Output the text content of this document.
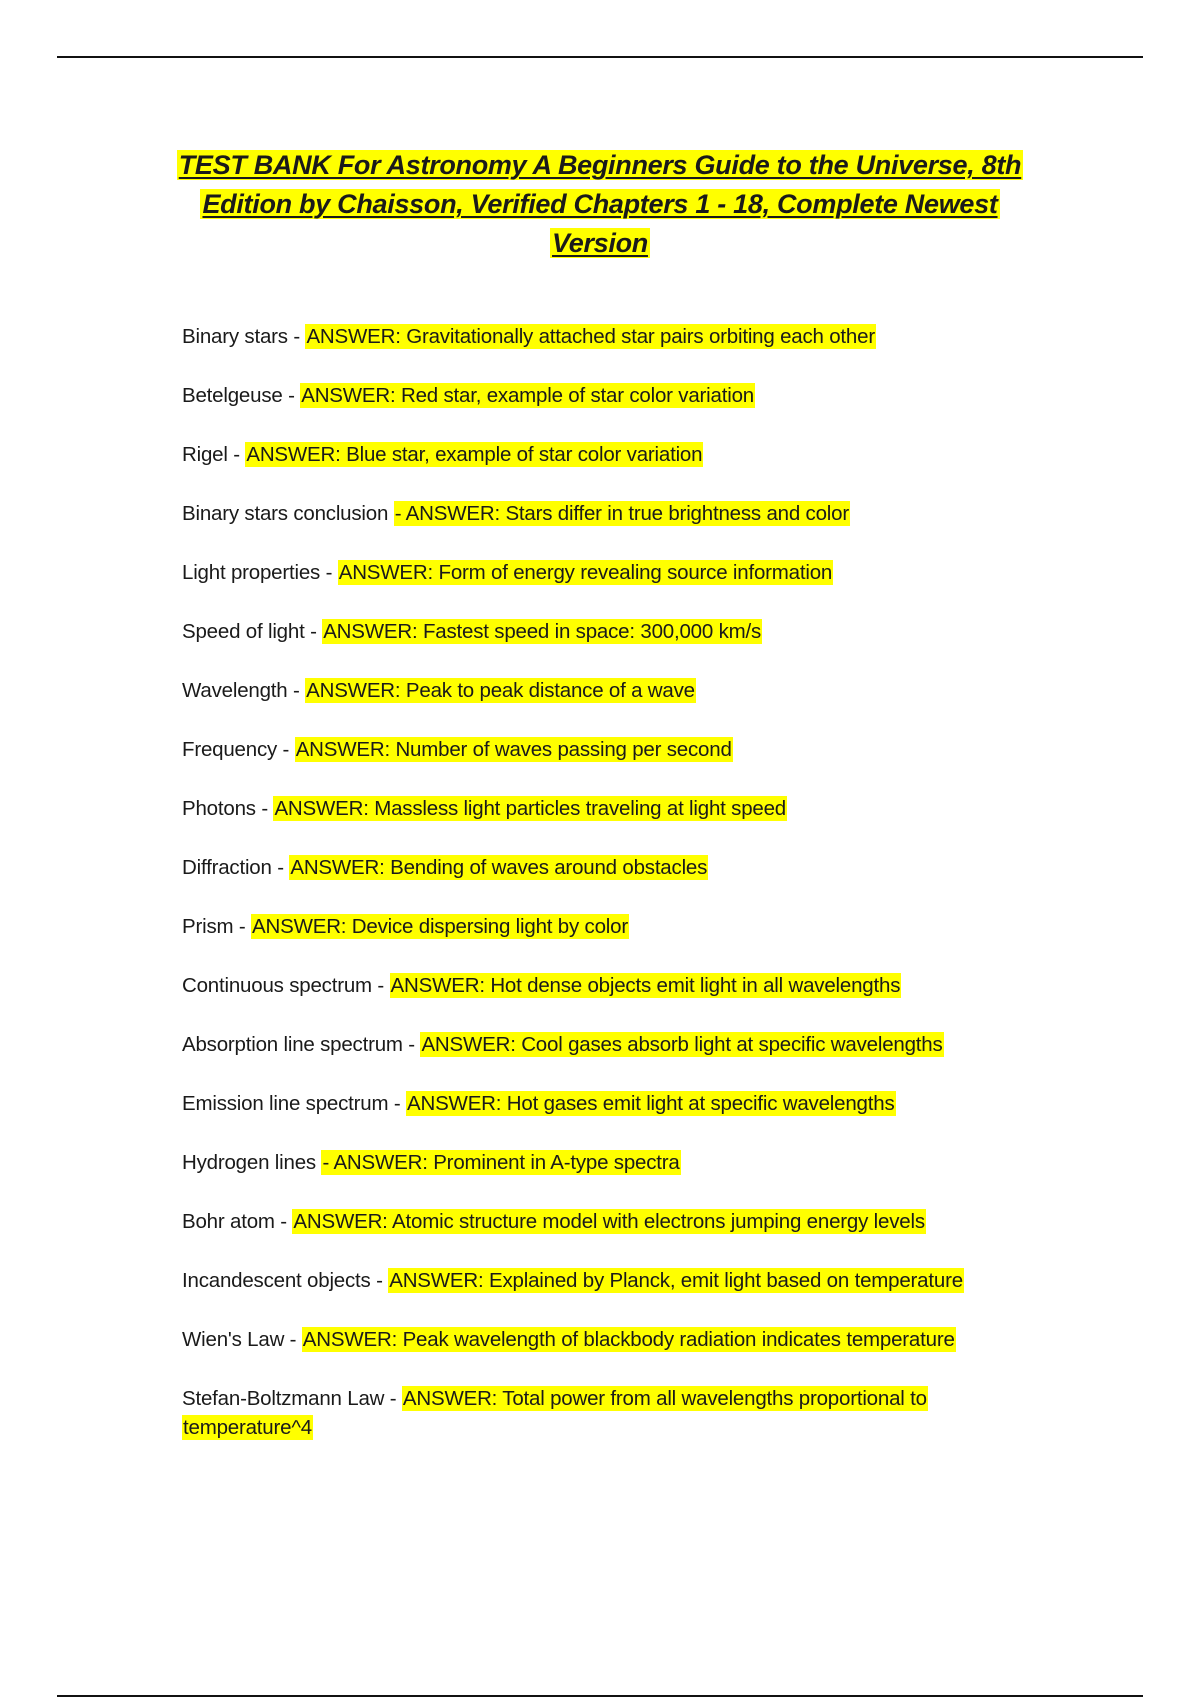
TEST BANK For Astronomy A Beginners Guide to the Universe, 8th Edition by Chaisson, Verified Chapters 1 - 18, Complete Newest Version
Binary stars - ANSWER: Gravitationally attached star pairs orbiting each other
Betelgeuse - ANSWER: Red star, example of star color variation
Rigel - ANSWER: Blue star, example of star color variation
Binary stars conclusion - ANSWER: Stars differ in true brightness and color
Light properties - ANSWER: Form of energy revealing source information
Speed of light - ANSWER: Fastest speed in space: 300,000 km/s
Wavelength - ANSWER: Peak to peak distance of a wave
Frequency - ANSWER: Number of waves passing per second
Photons - ANSWER: Massless light particles traveling at light speed
Diffraction - ANSWER: Bending of waves around obstacles
Prism - ANSWER: Device dispersing light by color
Continuous spectrum - ANSWER: Hot dense objects emit light in all wavelengths
Absorption line spectrum - ANSWER: Cool gases absorb light at specific wavelengths
Emission line spectrum - ANSWER: Hot gases emit light at specific wavelengths
Hydrogen lines - ANSWER: Prominent in A-type spectra
Bohr atom - ANSWER: Atomic structure model with electrons jumping energy levels
Incandescent objects - ANSWER: Explained by Planck, emit light based on temperature
Wien's Law - ANSWER: Peak wavelength of blackbody radiation indicates temperature
Stefan-Boltzmann Law - ANSWER: Total power from all wavelengths proportional to temperature^4
